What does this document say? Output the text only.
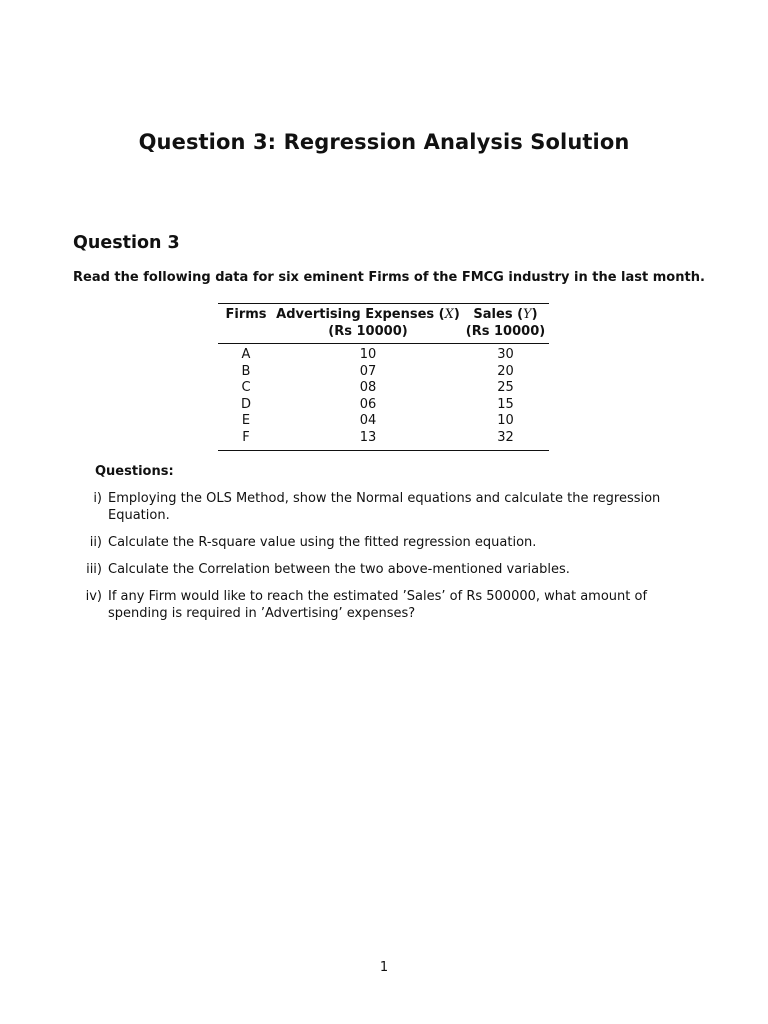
Question 3: Regression Analysis Solution
Question 3
Read the following data for six eminent Firms of the FMCG industry in the last month.
Firms	Advertising Expenses (X)	Sales (Y)
	(Rs 10000)	(Rs 10000)
A	10	30
B	07	20
C	08	25
D	06	15
E	04	10
F	13	32
Questions:
i) Employing the OLS Method, show the Normal equations and calculate the regression Equation.
ii) Calculate the R-square value using the fitted regression equation.
iii) Calculate the Correlation between the two above-mentioned variables.
iv) If any Firm would like to reach the estimated ’Sales’ of Rs 500000, what amount of spending is required in ’Advertising’ expenses?
1
